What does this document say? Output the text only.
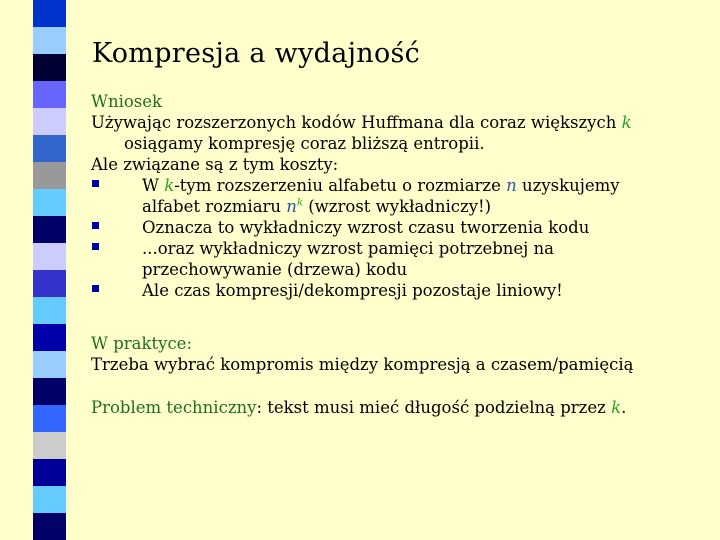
Kompresja a wydajność
Wniosek
Używając rozszerzonych kodów Huffmana dla coraz większych k
osiągamy kompresję coraz bliższą entropii.
Ale związane są z tym koszty:
W k-tym rozszerzeniu alfabetu o rozmiarze n uzyskujemy
alfabet rozmiaru $n^k$ (wzrost wykładniczy!)
Oznacza to wykładniczy wzrost czasu tworzenia kodu
...oraz wykładniczy wzrost pamięci potrzebnej na
przechowywanie (drzewa) kodu
Ale czas kompresji/dekompresji pozostaje liniowy!
W praktyce:
Trzeba wybrać kompromis między kompresją a czasem/pamięcią
Problem techniczny: tekst musi mieć długość podzielną przez k.
